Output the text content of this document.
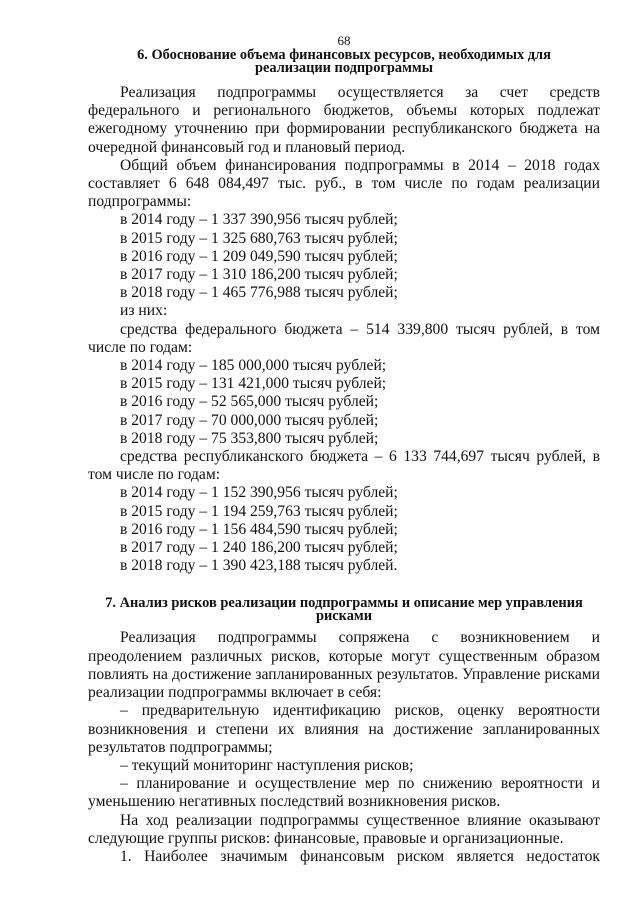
68
6. Обоснование объема финансовых ресурсов, необходимых для
реализации подпрограммы

Реализация подпрограммы осуществляется за счет средств федерального и регионального бюджетов, объемы которых подлежат ежегодному уточнению при формировании республиканского бюджета на очередной финансовый год и плановый период.

Общий объем финансирования подпрограммы в 2014 – 2018 годах составляет 6 648 084,497 тыс. руб., в том числе по годам реализации подпрограммы:

в 2014 году – 1 337 390,956 тысяч рублей;

в 2015 году – 1 325 680,763 тысяч рублей;

в 2016 году – 1 209 049,590 тысяч рублей;

в 2017 году – 1 310 186,200 тысяч рублей;

в 2018 году – 1 465 776,988 тысяч рублей;

из них:

средства федерального бюджета – 514 339,800 тысяч рублей, в том числе по годам:

в 2014 году – 185 000,000 тысяч рублей;

в 2015 году – 131 421,000 тысяч рублей;

в 2016 году – 52 565,000 тысяч рублей;

в 2017 году – 70 000,000 тысяч рублей;

в 2018 году – 75 353,800 тысяч рублей;

средства республиканского бюджета – 6 133 744,697 тысяч рублей, в том числе по годам:

в 2014 году – 1 152 390,956 тысяч рублей;

в 2015 году – 1 194 259,763 тысяч рублей;

в 2016 году – 1 156 484,590 тысяч рублей;

в 2017 году – 1 240 186,200 тысяч рублей;

в 2018 году – 1 390 423,188 тысяч рублей.

7. Анализ рисков реализации подпрограммы и описание мер управления
рисками

Реализация подпрограммы сопряжена с возникновением и преодолением различных рисков, которые могут существенным образом повлиять на достижение запланированных результатов. Управление рисками реализации подпрограммы включает в себя:

– предварительную идентификацию рисков, оценку вероятности возникновения и степени их влияния на достижение запланированных результатов подпрограммы;

– текущий мониторинг наступления рисков;

– планирование и осуществление мер по снижению вероятности и уменьшению негативных последствий возникновения рисков.

На ход реализации подпрограммы существенное влияние оказывают следующие группы рисков: финансовые, правовые и организационные.

1. Наиболее значимым финансовым риском является недостаток
